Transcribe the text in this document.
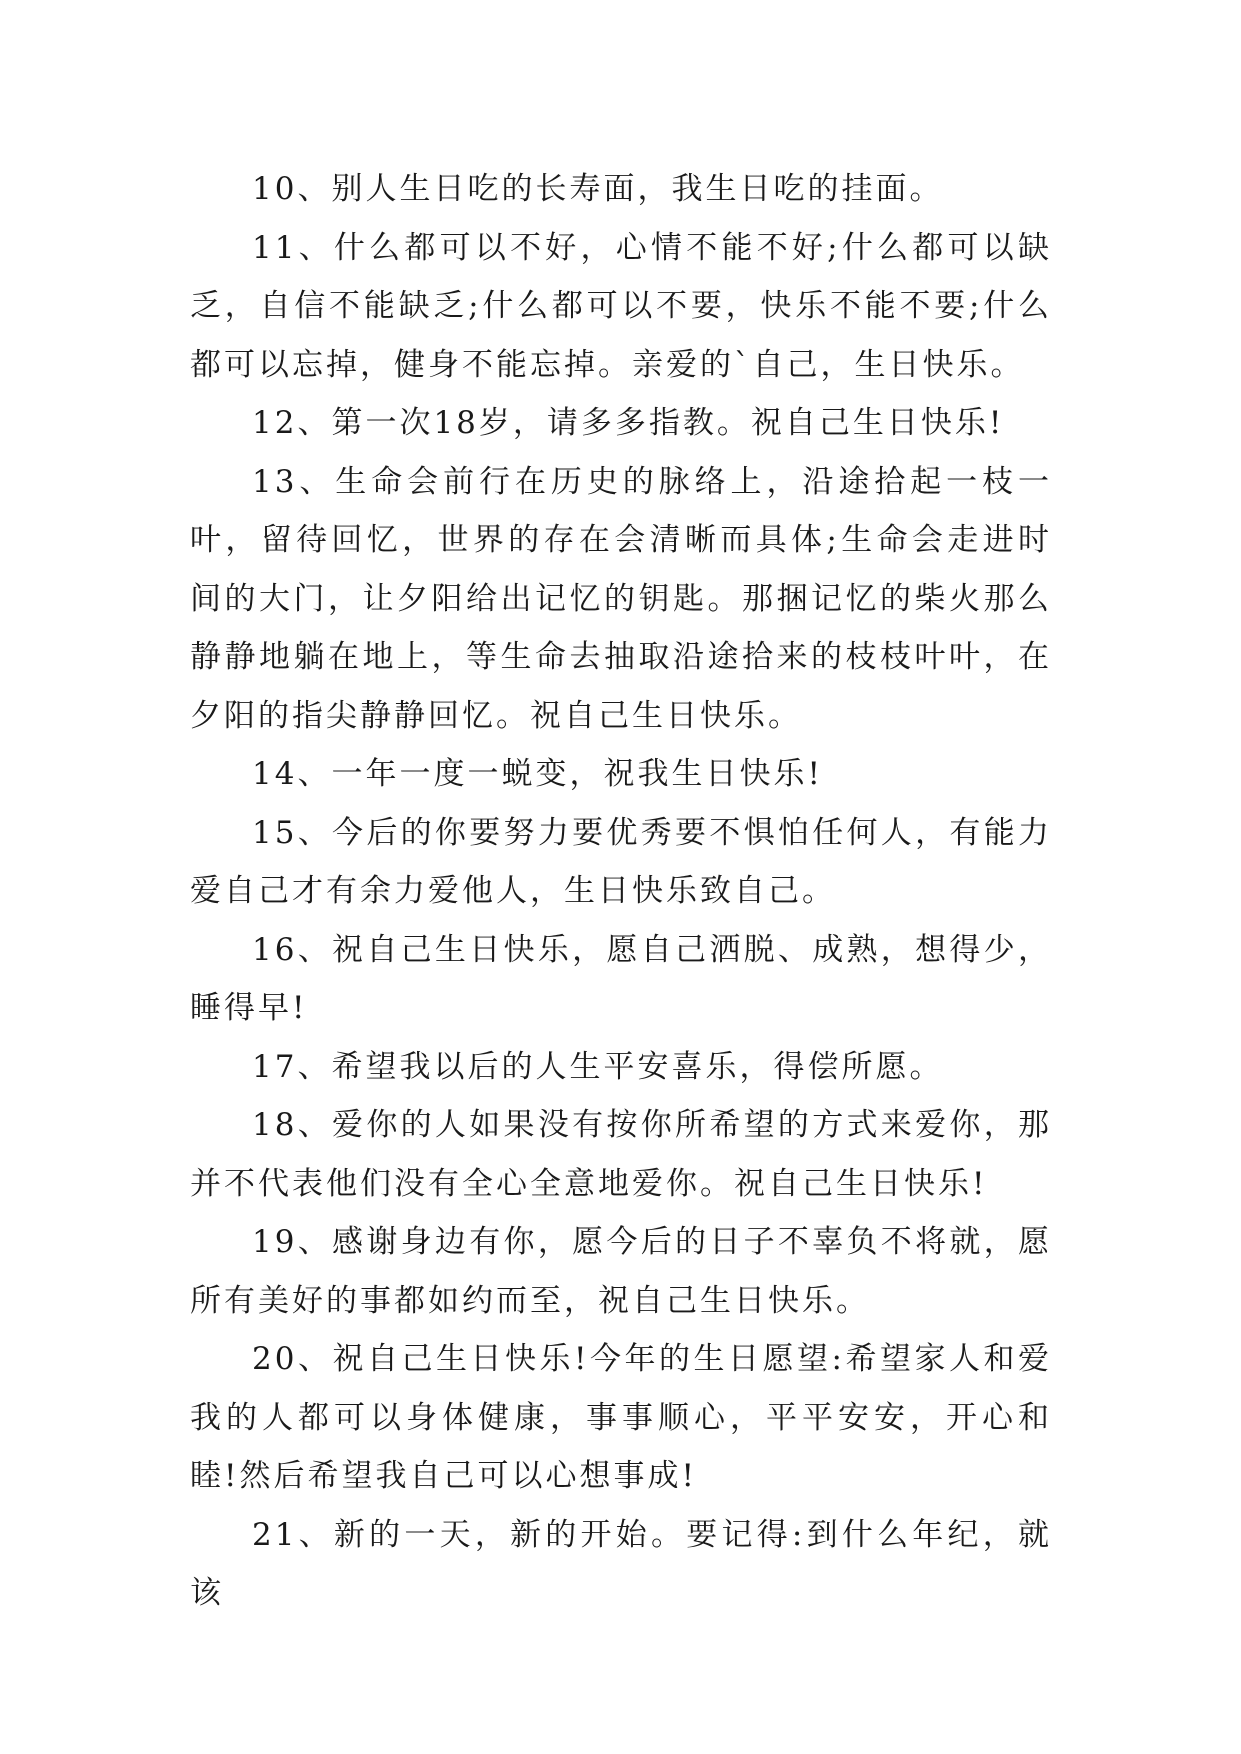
10、别人生日吃的长寿面，我生日吃的挂面。

11、什么都可以不好，心情不能不好;什么都可以缺乏，自信不能缺乏;什么都可以不要，快乐不能不要;什么都可以忘掉，健身不能忘掉。亲爱的`自己，生日快乐。

12、第一次18岁，请多多指教。祝自己生日快乐!

13、生命会前行在历史的脉络上，沿途拾起一枝一叶，留待回忆，世界的存在会清晰而具体;生命会走进时间的大门，让夕阳给出记忆的钥匙。那捆记忆的柴火那么静静地躺在地上，等生命去抽取沿途拾来的枝枝叶叶，在夕阳的指尖静静回忆。祝自己生日快乐。

14、一年一度一蜕变，祝我生日快乐!

15、今后的你要努力要优秀要不惧怕任何人，有能力爱自己才有余力爱他人，生日快乐致自己。

16、祝自己生日快乐，愿自己洒脱、成熟，想得少，睡得早!

17、希望我以后的人生平安喜乐，得偿所愿。

18、爱你的人如果没有按你所希望的方式来爱你，那并不代表他们没有全心全意地爱你。祝自己生日快乐!

19、感谢身边有你，愿今后的日子不辜负不将就，愿所有美好的事都如约而至，祝自己生日快乐。

20、祝自己生日快乐!今年的生日愿望:希望家人和爱我的人都可以身体健康，事事顺心，平平安安，开心和睦!然后希望我自己可以心想事成!

21、新的一天，新的开始。要记得:到什么年纪，就该
